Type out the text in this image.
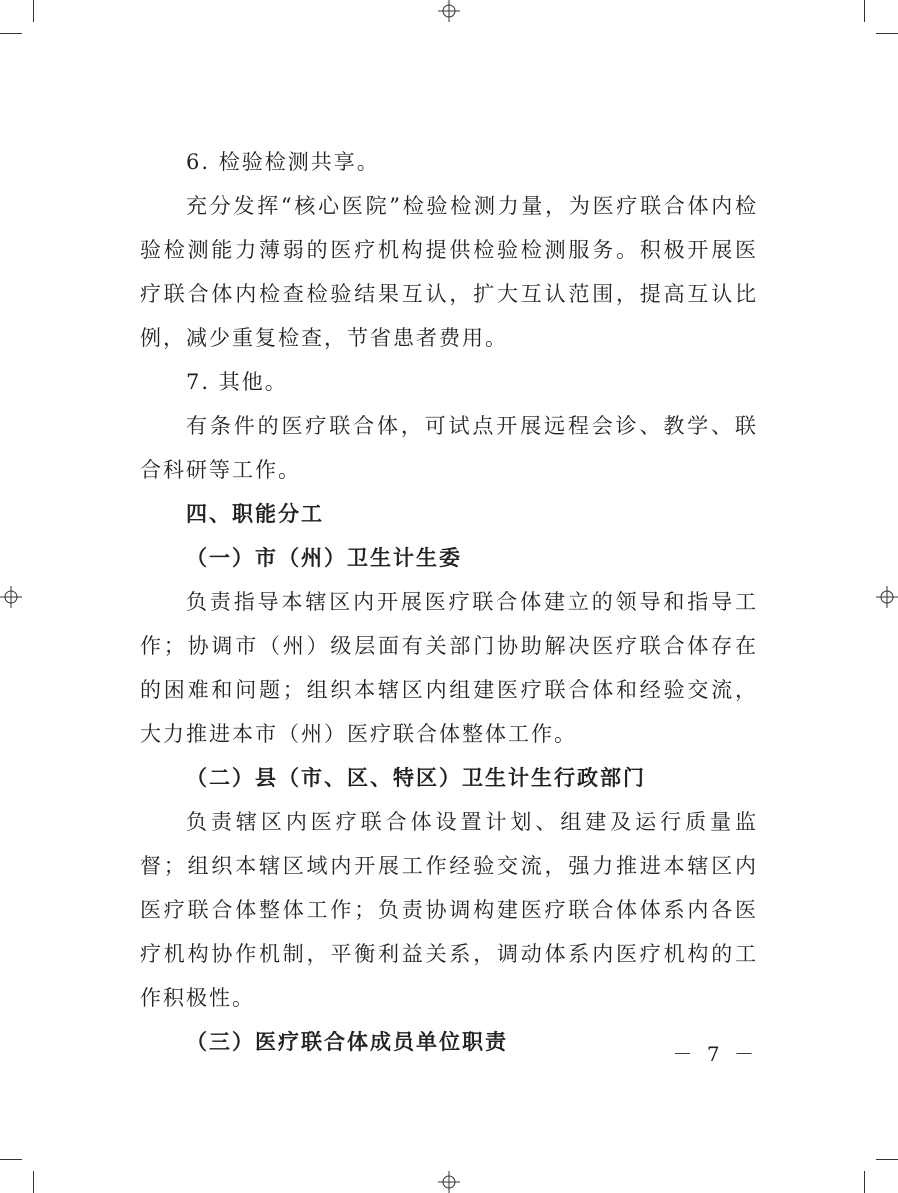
6. 检验检测共享。

充分发挥“核心医院”检验检测力量，为医疗联合体内检验检测能力薄弱的医疗机构提供检验检测服务。积极开展医疗联合体内检查检验结果互认，扩大互认范围，提高互认比例，减少重复检查，节省患者费用。

7. 其他。

有条件的医疗联合体，可试点开展远程会诊、教学、联合科研等工作。

四、职能分工

（一）市（州）卫生计生委

负责指导本辖区内开展医疗联合体建立的领导和指导工作；协调市（州）级层面有关部门协助解决医疗联合体存在的困难和问题；组织本辖区内组建医疗联合体和经验交流，大力推进本市（州）医疗联合体整体工作。

（二）县（市、区、特区）卫生计生行政部门

负责辖区内医疗联合体设置计划、组建及运行质量监督；组织本辖区域内开展工作经验交流，强力推进本辖区内医疗联合体整体工作；负责协调构建医疗联合体体系内各医疗机构协作机制，平衡利益关系，调动体系内医疗机构的工作积极性。

（三）医疗联合体成员单位职责	－ 7 －
